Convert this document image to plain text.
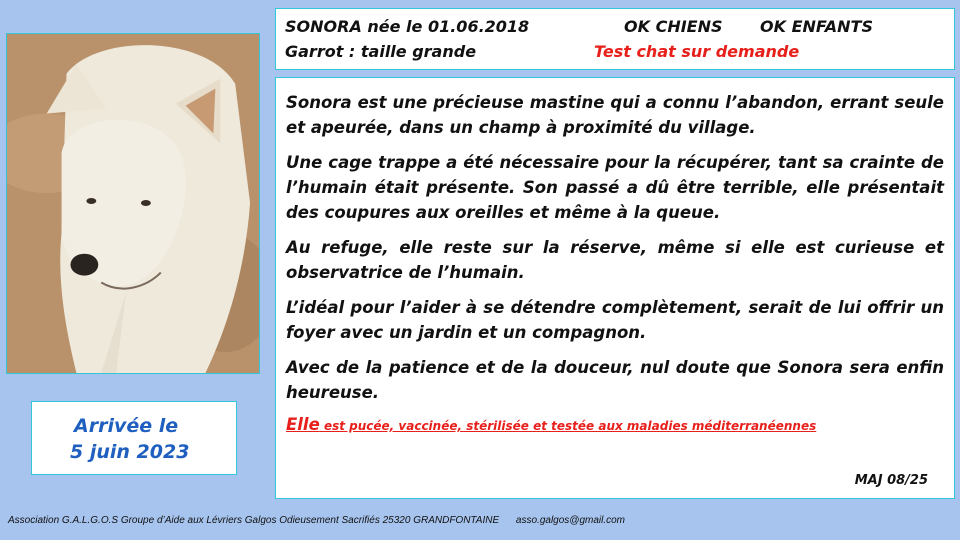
Arrivée le
5 juin 2023
SONORA née le 01.06.2018	OK CHIENS OK ENFANTS
Garrot : taille grande	Test chat sur demande

Sonora est une précieuse mastine qui a connu l’abandon, errant seule et apeurée, dans un champ à proximité du village.

Une cage trappe a été nécessaire pour la récupérer, tant sa crainte de l’humain était présente. Son passé a dû être terrible, elle présentait des coupures aux oreilles et même à la queue.

Au refuge, elle reste sur la réserve, même si elle est curieuse et observatrice de l’humain.

L’idéal pour l’aider à se détendre complètement, serait de lui offrir un foyer avec un jardin et un compagnon.

Avec de la patience et de la douceur, nul doute que Sonora sera enfin heureuse.

Elle est pucée, vaccinée, stérilisée et testée aux maladies méditerranéennes
MAJ 08/25
Association G.A.L.G.O.S Groupe d’Aide aux Lévriers Galgos Odieusement Sacrifiés 25320 GRANDFONTAINE asso.galgos@gmail.com
